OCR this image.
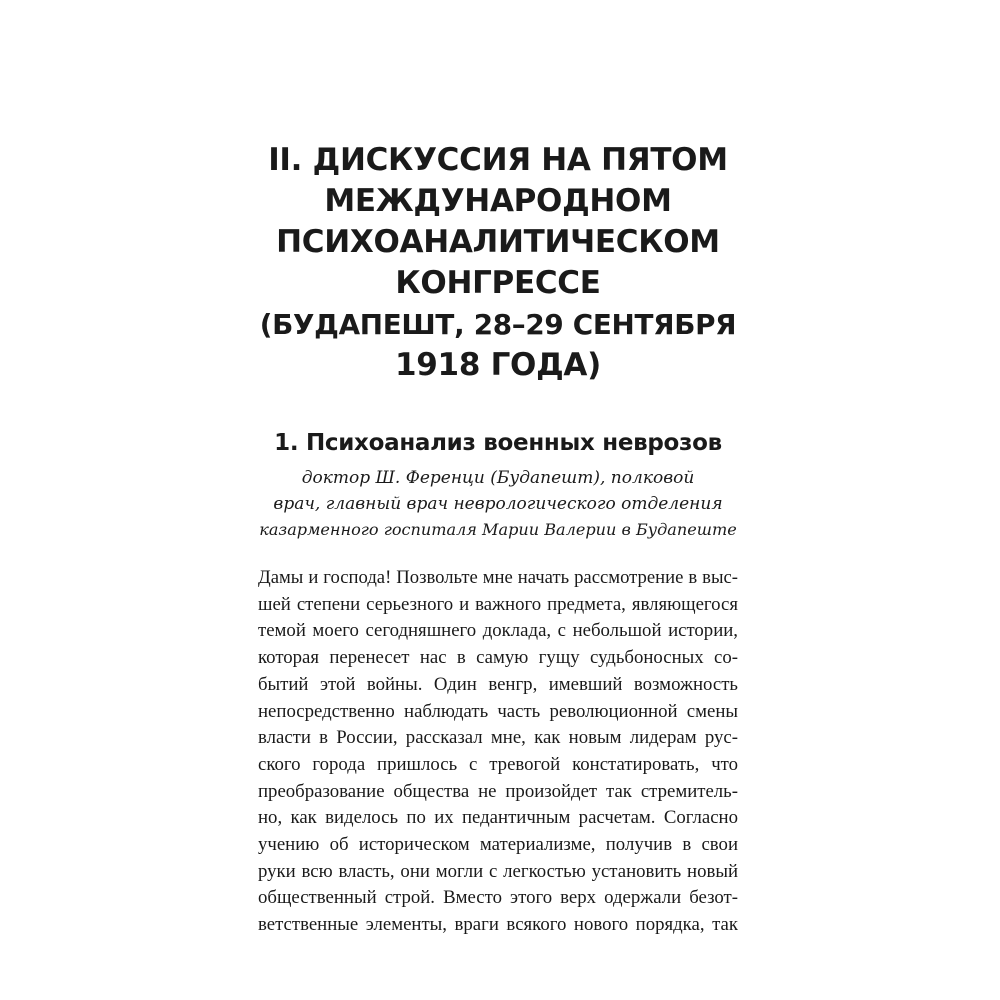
II. ДИСКУССИЯ НА ПЯТОМ
МЕЖДУНАРОДНОМ
ПСИХОАНАЛИТИЧЕСКОМ
КОНГРЕССЕ
(БУДАПЕШТ, 28–29 СЕНТЯБРЯ
1918 ГОДА)
1. Психоанализ военных неврозов
доктор Ш. Ференци (Будапешт), полковой
врач, главный врач неврологического отделения
казарменного госпиталя Марии Валерии в Будапеште
Дамы и господа! Позвольте мне начать рассмотрение в выс-
шей степени серьезного и важного предмета, являющегося
темой моего сегодняшнего доклада, с небольшой истории,
которая перенесет нас в самую гущу судьбоносных со-
бытий этой войны. Один венгр, имевший возможность
непосредственно наблюдать часть революционной смены
власти в России, рассказал мне, как новым лидерам рус-
ского города пришлось с тревогой констатировать, что
преобразование общества не произойдет так стремитель-
но, как виделось по их педантичным расчетам. Согласно
учению об историческом материализме, получив в свои
руки всю власть, они могли с легкостью установить новый
общественный строй. Вместо этого верх одержали безот-
ветственные элементы, враги всякого нового порядка, так
